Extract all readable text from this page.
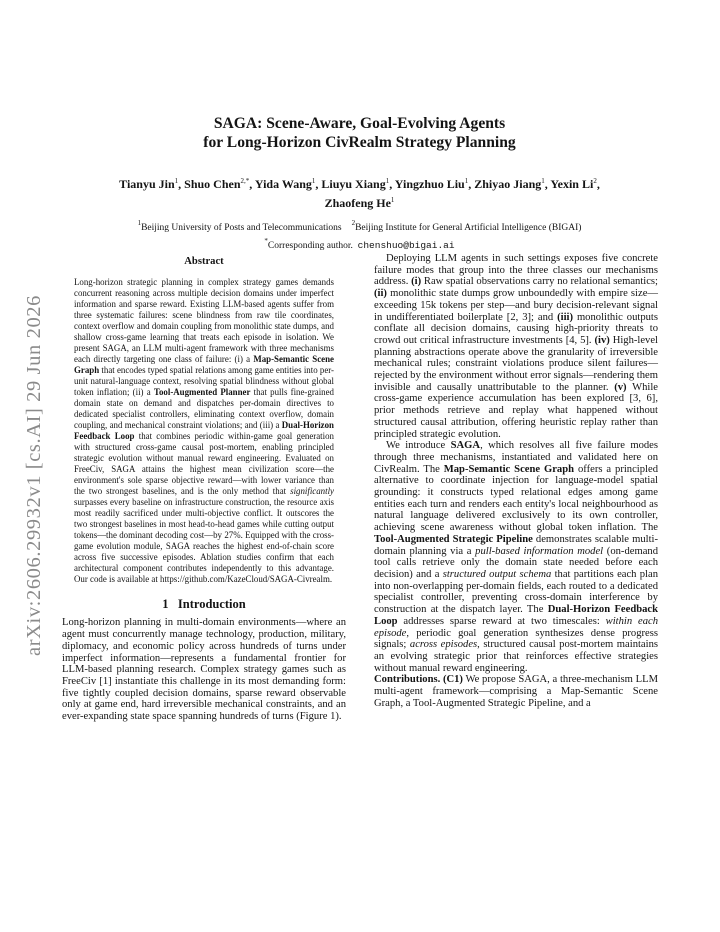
arXiv:2606.29932v1 [cs.AI] 29 Jun 2026
SAGA: Scene-Aware, Goal-Evolving Agents
for Long-Horizon CivRealm Strategy Planning
Tianyu Jin$^1$, Shuo Chen$^{2,*}$, Yida Wang$^1$, Liuyu Xiang$^1$, Yingzhuo Liu$^1$, Zhiyao Jiang$^1$, Yexin Li$^2$,
Zhaofeng He$^1$
$^1$Beijing University of Posts and Telecommunications $^2$Beijing Institute for General Artificial Intelligence (BIGAI)
*Corresponding author. chenshuo@bigai.ai
Abstract

Long-horizon strategic planning in complex strategy games demands concurrent reasoning across multiple decision domains under imperfect information and sparse reward. Existing LLM-based agents suffer from three systematic failures: scene blindness from raw tile coordinates, context overflow and domain coupling from monolithic state dumps, and shallow cross-game learning that treats each episode in isolation. We present SAGA, an LLM multi-agent framework with three mechanisms each directly targeting one class of failure: (i) a Map-Semantic Scene Graph that encodes typed spatial relations among game entities into per-unit natural-language context, resolving spatial blindness without global token inflation; (ii) a Tool-Augmented Planner that pulls fine-grained domain state on demand and dispatches per-domain directives to dedicated specialist controllers, eliminating context overflow, domain coupling, and mechanical constraint violations; and (iii) a Dual-Horizon Feedback Loop that combines periodic within-game goal generation with structured cross-game causal post-mortem, enabling principled strategic evolution without manual reward engineering. Evaluated on FreeCiv, SAGA attains the highest mean civilization score—the environment's sole sparse objective reward—with lower variance than the two strongest baselines, and is the only method that significantly surpasses every baseline on infrastructure construction, the resource axis most readily sacrificed under multi-objective conflict. It outscores the two strongest baselines in most head-to-head games while cutting output tokens—the dominant decoding cost—by 27%. Equipped with the cross-game evolution module, SAGA reaches the highest end-of-chain score across five successive episodes. Ablation studies confirm that each architectural component contributes independently to this advantage. Our code is available at https://github.com/KazeCloud/SAGA-Civrealm.

1 Introduction

Long-horizon planning in multi-domain environments—where an agent must concurrently manage technology, production, military, diplomacy, and economic policy across hundreds of turns under imperfect information—represents a fundamental frontier for LLM-based planning research. Complex strategy games such as FreeCiv [1] instantiate this challenge in its most demanding form: five tightly coupled decision domains, sparse reward observable only at game end, hard irreversible mechanical constraints, and an ever-expanding state space spanning hundreds of turns (Figure 1).

Deploying LLM agents in such settings exposes five concrete failure modes that group into the three classes our mechanisms address. (i) Raw spatial observations carry no relational semantics; (ii) monolithic state dumps grow unboundedly with empire size—exceeding 15k tokens per step—and bury decision-relevant signal in undifferentiated boilerplate [2, 3]; and (iii) monolithic outputs conflate all decision domains, causing high-priority threats to crowd out critical infrastructure investments [4, 5]. (iv) High-level planning abstractions operate above the granularity of irreversible mechanical rules; constraint violations produce silent failures—rejected by the environment without error signals—rendering them invisible and causally unattributable to the planner. (v) While cross-game experience accumulation has been explored [3, 6], prior methods retrieve and replay what happened without structured causal attribution, offering heuristic replay rather than principled strategic evolution.

We introduce SAGA, which resolves all five failure modes through three mechanisms, instantiated and validated here on CivRealm. The Map-Semantic Scene Graph offers a principled alternative to coordinate injection for language-model spatial grounding: it constructs typed relational edges among game entities each turn and renders each entity's local neighbourhood as natural language delivered exclusively to its own controller, achieving scene awareness without global token inflation. The Tool-Augmented Strategic Pipeline demonstrates scalable multi-domain planning via a pull-based information model (on-demand tool calls retrieve only the domain state needed before each decision) and a structured output schema that partitions each plan into non-overlapping per-domain fields, each routed to a dedicated specialist controller, preventing cross-domain interference by construction at the dispatch layer. The Dual-Horizon Feedback Loop addresses sparse reward at two timescales: within each episode, periodic goal generation synthesizes dense progress signals; across episodes, structured causal post-mortem maintains an evolving strategic prior that reinforces effective strategies without manual reward engineering.

Contributions. (C1) We propose SAGA, a three-mechanism LLM multi-agent framework—comprising a Map-Semantic Scene Graph, a Tool-Augmented Strategic Pipeline, and a
